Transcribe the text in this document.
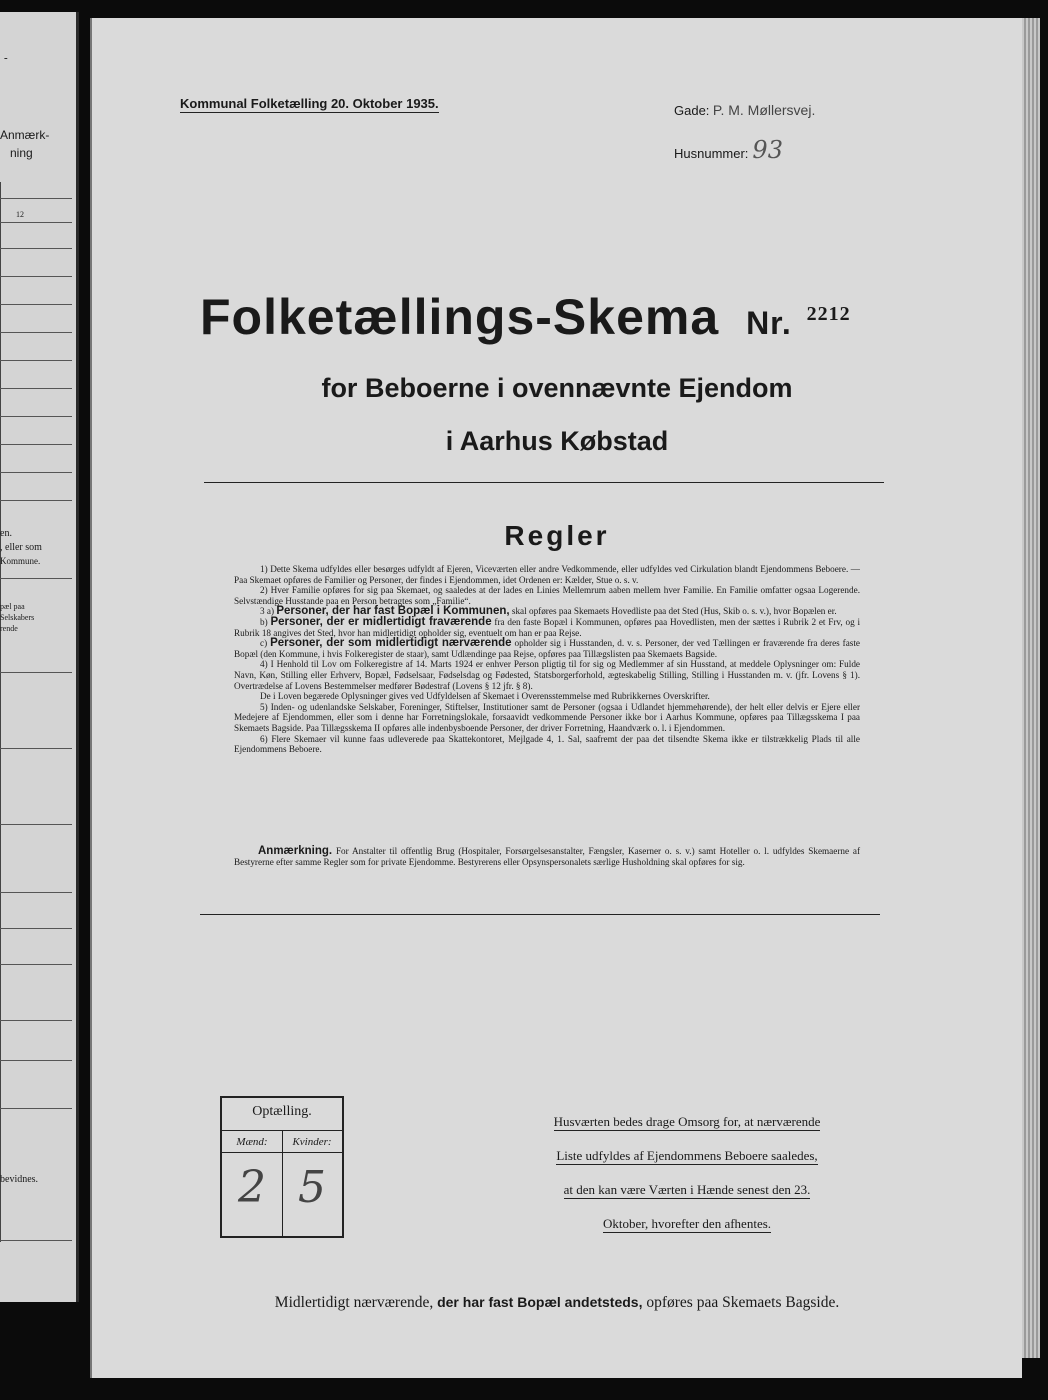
-
Anmærk-
ning
12
en.
, eller som
Kommune.
pæl paa
Selskabers
rende
bevidnes.
Kommunal Folketælling 20. Oktober 1935.	Gade: P. M. Møllersvej.
Husnummer: 93
Folketællings-Skema Nr. $^{2212}$
for Beboerne i ovennævnte Ejendom
i Aarhus Købstad
Regler

1) Dette Skema udfyldes eller besørges udfyldt af Ejeren, Viceværten eller andre Vedkommende, eller udfyldes ved Cirkulation blandt Ejendommens Beboere. — Paa Skemaet opføres de Familier og Personer, der findes i Ejendommen, idet Ordenen er: Kælder, Stue o. s. v.

2) Hver Familie opføres for sig paa Skemaet, og saaledes at der lades en Linies Mellemrum aaben mellem hver Familie. En Familie omfatter ogsaa Logerende. Selvstændige Husstande paa en Person betragtes som „Familie“.

3 a) Personer, der har fast Bopæl i Kommunen, skal opføres paa Skemaets Hovedliste paa det Sted (Hus, Skib o. s. v.), hvor Bopælen er.

b) Personer, der er midlertidigt fraværende fra den faste Bopæl i Kommunen, opføres paa Hovedlisten, men der sættes i Rubrik 2 et Frv, og i Rubrik 18 angives det Sted, hvor han midlertidigt opholder sig, eventuelt om han er paa Rejse.

c) Personer, der som midlertidigt nærværende opholder sig i Husstanden, d. v. s. Personer, der ved Tællingen er fraværende fra deres faste Bopæl (den Kommune, i hvis Folkeregister de staar), samt Udlændinge paa Rejse, opføres paa Tillægslisten paa Skemaets Bagside.

4) I Henhold til Lov om Folkeregistre af 14. Marts 1924 er enhver Person pligtig til for sig og Medlemmer af sin Husstand, at meddele Oplysninger om: Fulde Navn, Køn, Stilling eller Erhverv, Bopæl, Fødselsaar, Fødselsdag og Fødested, Statsborgerforhold, ægteskabelig Stilling, Stilling i Husstanden m. v. (jfr. Lovens § 1). Overtrædelse af Lovens Bestemmelser medfører Bødestraf (Lovens § 12 jfr. § 8).

De i Loven begærede Oplysninger gives ved Udfyldelsen af Skemaet i Overensstemmelse med Rubrikkernes Overskrifter.

5) Inden- og udenlandske Selskaber, Foreninger, Stiftelser, Institutioner samt de Personer (ogsaa i Udlandet hjemmehørende), der helt eller delvis er Ejere eller Medejere af Ejendommen, eller som i denne har Forretningslokale, forsaavidt vedkommende Personer ikke bor i Aarhus Kommune, opføres paa Tillægsskema I paa Skemaets Bagside. Paa Tillægsskema II opføres alle indenbysboende Personer, der driver Forretning, Haandværk o. l. i Ejendommen.

6) Flere Skemaer vil kunne faas udleverede paa Skattekontoret, Mejlgade 4, 1. Sal, saafremt der paa det tilsendte Skema ikke er tilstrækkelig Plads til alle Ejendommens Beboere.

Anmærkning. For Anstalter til offentlig Brug (Hospitaler, Forsørgelsesanstalter, Fængsler, Kaserner o. s. v.) samt Hoteller o. l. udfyldes Skemaerne af Bestyrerne efter samme Regler som for private Ejendomme. Bestyrerens eller Opsynspersonalets særlige Husholdning skal opføres for sig.
Optælling.
Mænd:	Kvinder:
2 5
Husværten bedes drage Omsorg for, at nærværende
Liste udfyldes af Ejendommens Beboere saaledes,
at den kan være Værten i Hænde senest den 23.
Oktober, hvorefter den afhentes.
Midlertidigt nærværende, der har fast Bopæl andetsteds, opføres paa Skemaets Bagside.
